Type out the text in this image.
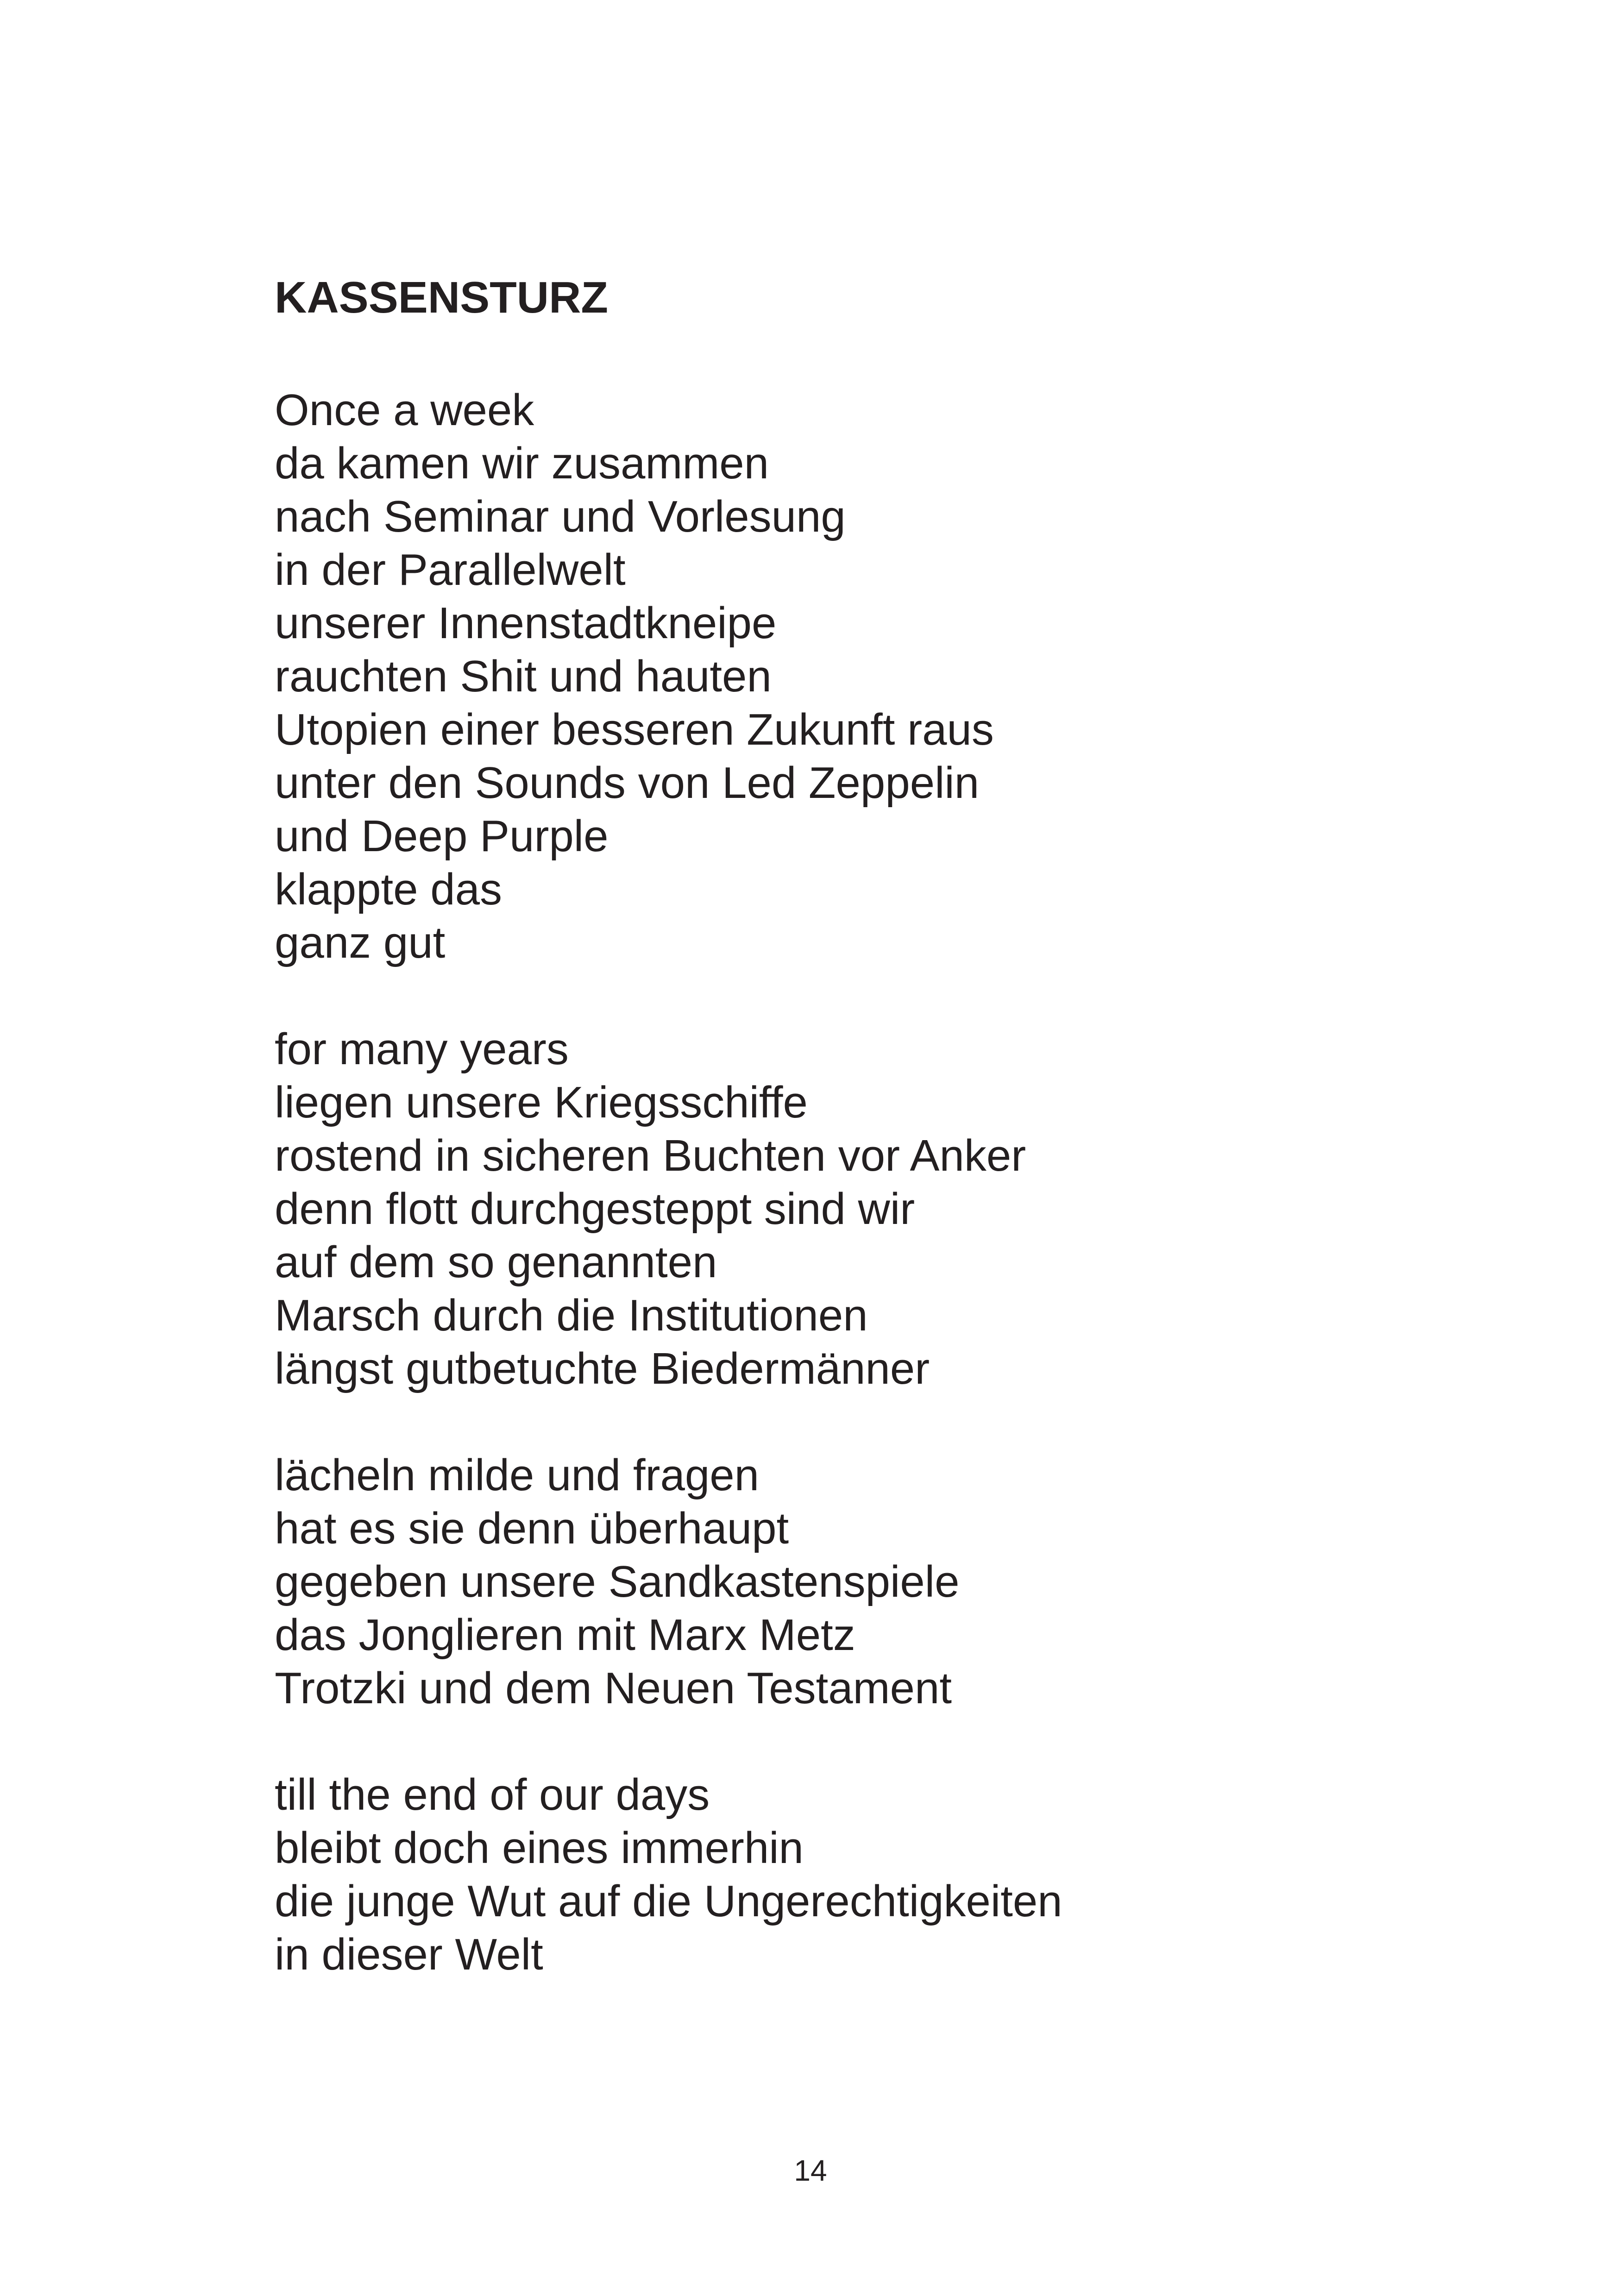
KASSENSTURZ
Once a week
da kamen wir zusammen
nach Seminar und Vorlesung
in der Parallelwelt
unserer Innenstadtkneipe
rauchten Shit und hauten
Utopien einer besseren Zukunft raus
unter den Sounds von Led Zeppelin
und Deep Purple
klappte das
ganz gut
for many years
liegen unsere Kriegsschiffe
rostend in sicheren Buchten vor Anker
denn flott durchgesteppt sind wir
auf dem so genannten
Marsch durch die Institutionen
längst gutbetuchte Biedermänner
lächeln milde und fragen
hat es sie denn überhaupt
gegeben unsere Sandkastenspiele
das Jonglieren mit Marx Metz
Trotzki und dem Neuen Testament
till the end of our days
bleibt doch eines immerhin
die junge Wut auf die Ungerechtigkeiten
in dieser Welt
14
